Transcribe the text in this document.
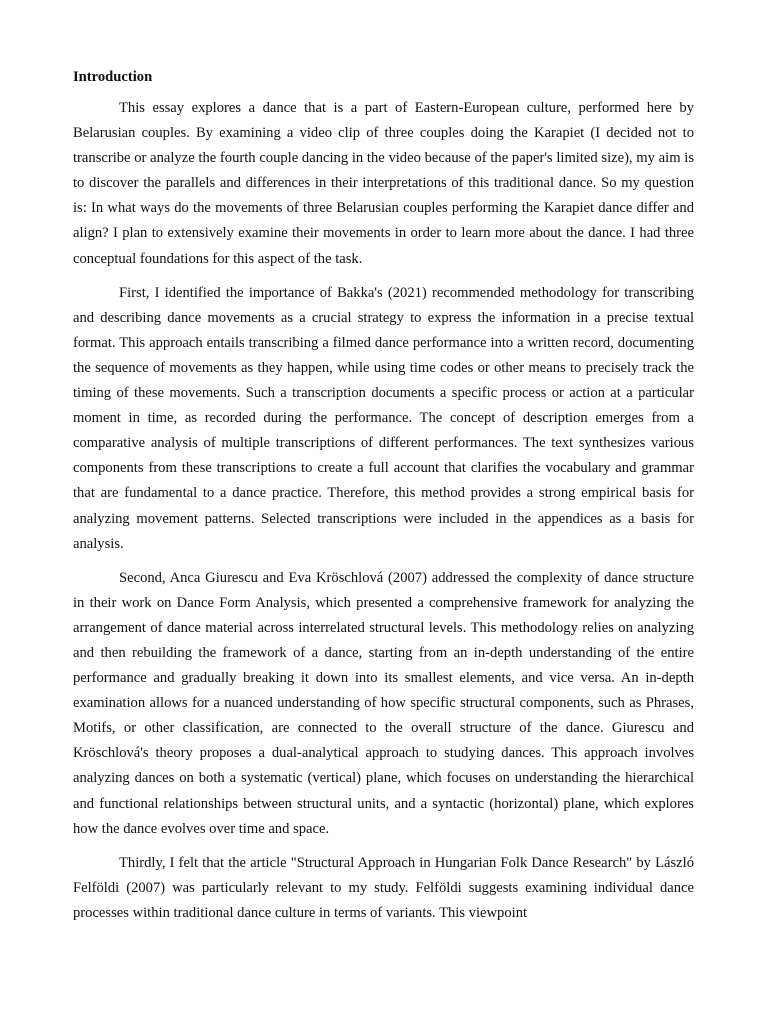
Introduction

This essay explores a dance that is a part of Eastern-European culture, performed here by Belarusian couples. By examining a video clip of three couples doing the Karapiet (I decided not to transcribe or analyze the fourth couple dancing in the video because of the paper's limited size), my aim is to discover the parallels and differences in their interpretations of this traditional dance. So my question is: In what ways do the movements of three Belarusian couples performing the Karapiet dance differ and align? I plan to extensively examine their movements in order to learn more about the dance. I had three conceptual foundations for this aspect of the task.

First, I identified the importance of Bakka's (2021) recommended methodology for transcribing and describing dance movements as a crucial strategy to express the information in a precise textual format. This approach entails transcribing a filmed dance performance into a written record, documenting the sequence of movements as they happen, while using time codes or other means to precisely track the timing of these movements. Such a transcription documents a specific process or action at a particular moment in time, as recorded during the performance. The concept of description emerges from a comparative analysis of multiple transcriptions of different performances. The text synthesizes various components from these transcriptions to create a full account that clarifies the vocabulary and grammar that are fundamental to a dance practice. Therefore, this method provides a strong empirical basis for analyzing movement patterns. Selected transcriptions were included in the appendices as a basis for analysis.

Second, Anca Giurescu and Eva Kröschlová (2007) addressed the complexity of dance structure in their work on Dance Form Analysis, which presented a comprehensive framework for analyzing the arrangement of dance material across interrelated structural levels. This methodology relies on analyzing and then rebuilding the framework of a dance, starting from an in-depth understanding of the entire performance and gradually breaking it down into its smallest elements, and vice versa. An in-depth examination allows for a nuanced understanding of how specific structural components, such as Phrases, Motifs, or other classification, are connected to the overall structure of the dance. Giurescu and Kröschlová's theory proposes a dual-analytical approach to studying dances. This approach involves analyzing dances on both a systematic (vertical) plane, which focuses on understanding the hierarchical and functional relationships between structural units, and a syntactic (horizontal) plane, which explores how the dance evolves over time and space.

Thirdly, I felt that the article "Structural Approach in Hungarian Folk Dance Research" by László Felföldi (2007) was particularly relevant to my study. Felföldi suggests examining individual dance processes within traditional dance culture in terms of variants. This viewpoint
